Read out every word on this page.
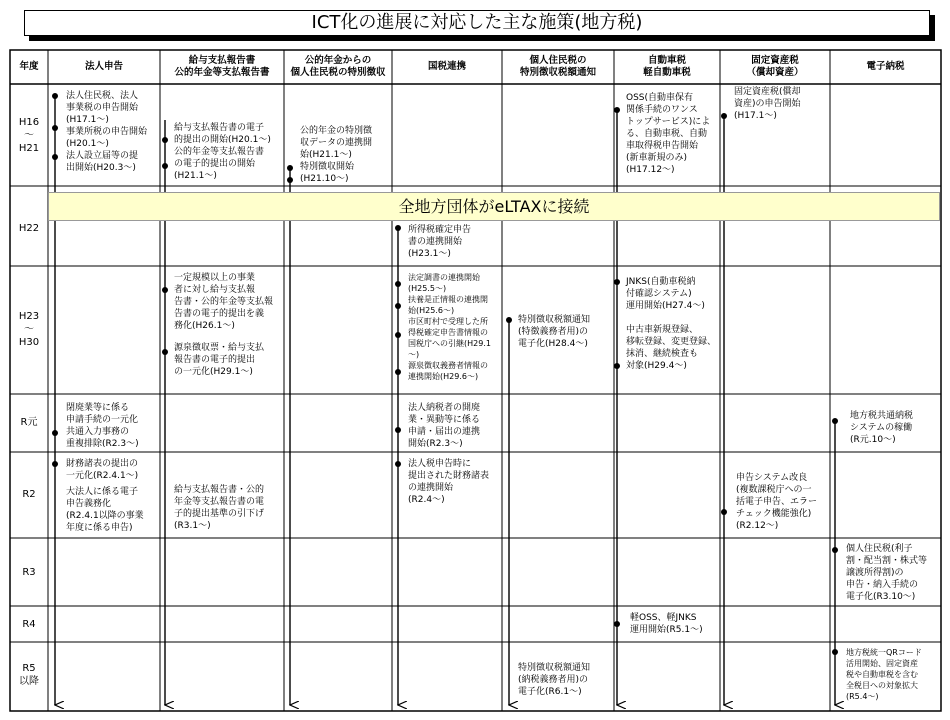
ICT化の進展に対応した主な施策(地方税)
年度	法人申告
給与支払報告書
公的年金等支払報告書
公的年金からの
個人住民税の特別徴収
国税連携
個人住民税の
特別徴収税額通知
自動車税
軽自動車税
固定資産税
（償却資産）
電子納税
H16
～
H21
H22
H23
～
H30
R元
R2
R3
R4
R5
以降
全地方団体がeLTAXに接続
法人住民税、法人
事業税の申告開始
(H17.1～)
事業所税の申告開始
(H20.1～)
法人設立届等の提
出開始(H20.3～)
給与支払報告書の電子
的提出の開始(H20.1～)
公的年金等支払報告書
の電子的提出の開始
(H21.1～)
公的年金の特別徴
収データの連携開
始(H21.1～)
特別徴収開始
(H21.10～)
OSS(自動車保有
関係手続のワンス
トップサービス)によ
る、自動車税、自動
車取得税申告開始
(新車新規のみ)
(H17.12～)
固定資産税(償却
資産)の申告開始
(H17.1～)
所得税確定申告
書の連携開始
(H23.1～)
一定規模以上の事業
者に対し給与支払報
告書・公的年金等支払報
告書の電子的提出を義
務化(H26.1～)
源泉徴収票・給与支払
報告書の電子的提出
の一元化(H29.1～)
法定調書の連携開始
(H25.5～)
扶養是正情報の連携開
始(H25.6～)
市区町村で受理した所
得税確定申告書情報の
国税庁への引継(H29.1
～)
源泉徴収義務者情報の
連携開始(H29.6～)
特別徴収税額通知
(特徴義務者用)の
電子化(H28.4～)
JNKS(自動車税納
付確認システム)
運用開始(H27.4～)
中古車新規登録、
移転登録、変更登録、
抹消、継続検査も
対象(H29.4～)
閉廃業等に係る
申請手続の一元化
共通入力事務の
重複排除(R2.3～)
法人納税者の開廃
業・異動等に係る
申請・届出の連携
開始(R2.3～)
地方税共通納税
システムの稼働
(R元.10～)
財務諸表の提出の
一元化(R2.4.1～)
大法人に係る電子
申告義務化
(R2.4.1以降の事業
年度に係る申告)
給与支払報告書・公的
年金等支払報告書の電
子的提出基準の引下げ
(R3.1～)
法人税申告時に
提出された財務諸表
の連携開始
(R2.4～)
申告システム改良
(複数課税庁への一
括電子申告、エラー
チェック機能強化)
(R2.12～)
個人住民税(利子
割・配当割・株式等
譲渡所得割)の
申告・納入手続の
電子化(R3.10～)
軽OSS、軽JNKS
運用開始(R5.1～)
特別徴収税額通知
(納税義務者用)の
電子化(R6.1～)
地方税統一QRコード
活用開始、固定資産
税や自動車税を含む
全税目への対象拡大
(R5.4～)
